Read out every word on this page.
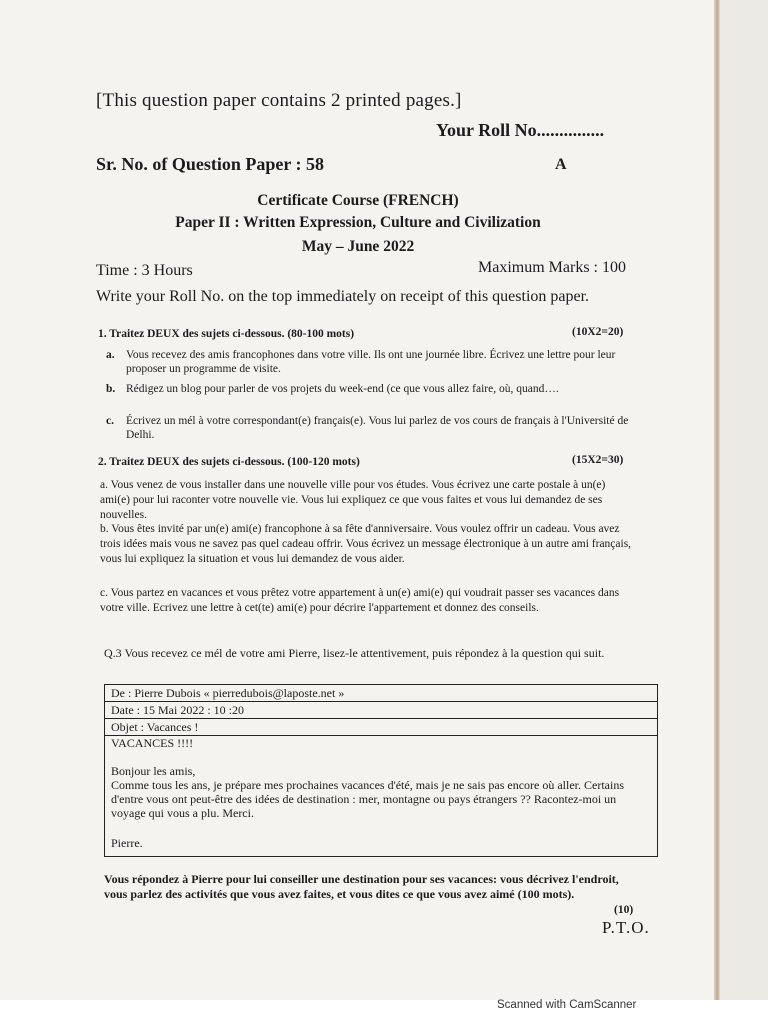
[This question paper contains 2 printed pages.]
Your Roll No...............
Sr. No. of Question Paper : 58	A
Certificate Course (FRENCH)
Paper II : Written Expression, Culture and Civilization
May – June 2022
Time : 3 Hours	Maximum Marks : 100
Write your Roll No. on the top immediately on receipt of this question paper.
1. Traitez DEUX des sujets ci-dessous. (80-100 mots)	(10X2=20)
a. Vous recevez des amis francophones dans votre ville. Ils ont une journée libre. Écrivez une lettre pour leur proposer un programme de visite.
b. Rédigez un blog pour parler de vos projets du week-end (ce que vous allez faire, où, quand….
c. Écrivez un mél à votre correspondant(e) français(e). Vous lui parlez de vos cours de français à l'Université de Delhi.
2. Traitez DEUX des sujets ci-dessous. (100-120 mots)	(15X2=30)
a. Vous venez de vous installer dans une nouvelle ville pour vos études. Vous écrivez une carte postale à un(e) ami(e) pour lui raconter votre nouvelle vie. Vous lui expliquez ce que vous faites et vous lui demandez de ses nouvelles.
b. Vous êtes invité par un(e) ami(e) francophone à sa fête d'anniversaire. Vous voulez offrir un cadeau. Vous avez trois idées mais vous ne savez pas quel cadeau offrir. Vous écrivez un message électronique à un autre ami français, vous lui expliquez la situation et vous lui demandez de vous aider.
c. Vous partez en vacances et vous prêtez votre appartement à un(e) ami(e) qui voudrait passer ses vacances dans votre ville. Ecrivez une lettre à cet(te) ami(e) pour décrire l'appartement et donnez des conseils.
Q.3 Vous recevez ce mél de votre ami Pierre, lisez-le attentivement, puis répondez à la question qui suit.
De : Pierre Dubois « pierredubois@laposte.net »
Date : 15 Mai 2022 : 10 :20
Objet : Vacances !
VACANCES !!!!
Bonjour les amis,
Comme tous les ans, je prépare mes prochaines vacances d'été, mais je ne sais pas encore où aller. Certains d'entre vous ont peut-être des idées de destination : mer, montagne ou pays étrangers ?? Racontez-moi un voyage qui vous a plu. Merci.
Pierre.
Vous répondez à Pierre pour lui conseiller une destination pour ses vacances: vous décrivez l'endroit, vous parlez des activités que vous avez faites, et vous dites ce que vous avez aimé (100 mots).
(10)
P.T.O.
Scanned with CamScanner
